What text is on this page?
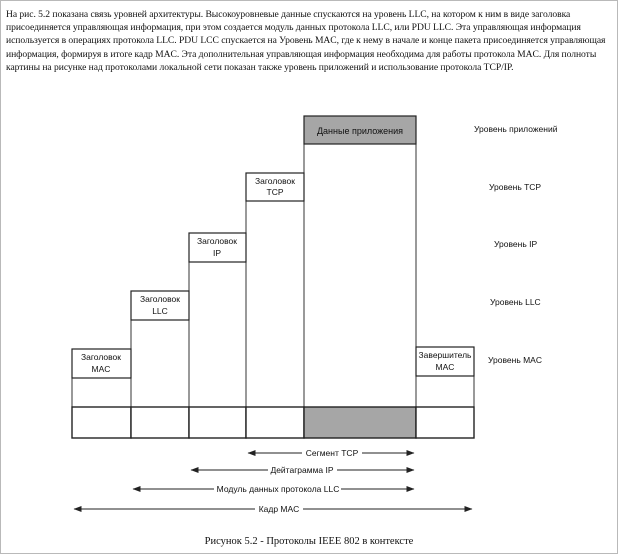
На рис. 5.2 показана связь уровней архитектуры. Высокоуровневые данные спускаются на уровень LLC, на котором к ним в виде заголовка присоединяется управляющая информация, при этом создается модуль данных протокола LLC, или PDU LLC. Эта управляющая информация используется в операциях протокола LLC. PDU LCC спускается на Уровень MAC, где к нему в начале и конце пакета присоединяется управляющая информация, формируя в итоге кадр MAC. Эта дополнительная управляющая информация необходима для работы протокола MAC. Для полноты картины на рисунке над протоколами локальной сети показан также уровень приложений и использование протокола TCP/IP.

Данные приложения
Заголовок
TCP
Заголовок
IP
Заголовок
LLC
Заголовок
MAC
Завершитель
MAC
Уровень приложений
Уровень TCP
Уровень IP
Уровень LLC
Уровень MAC
Сегмент TCP
Дейтаграмма IP
Модуль данных протокола LLC
Кадр MAC
Рисунок 5.2 - Протоколы IEEE 802 в контексте
